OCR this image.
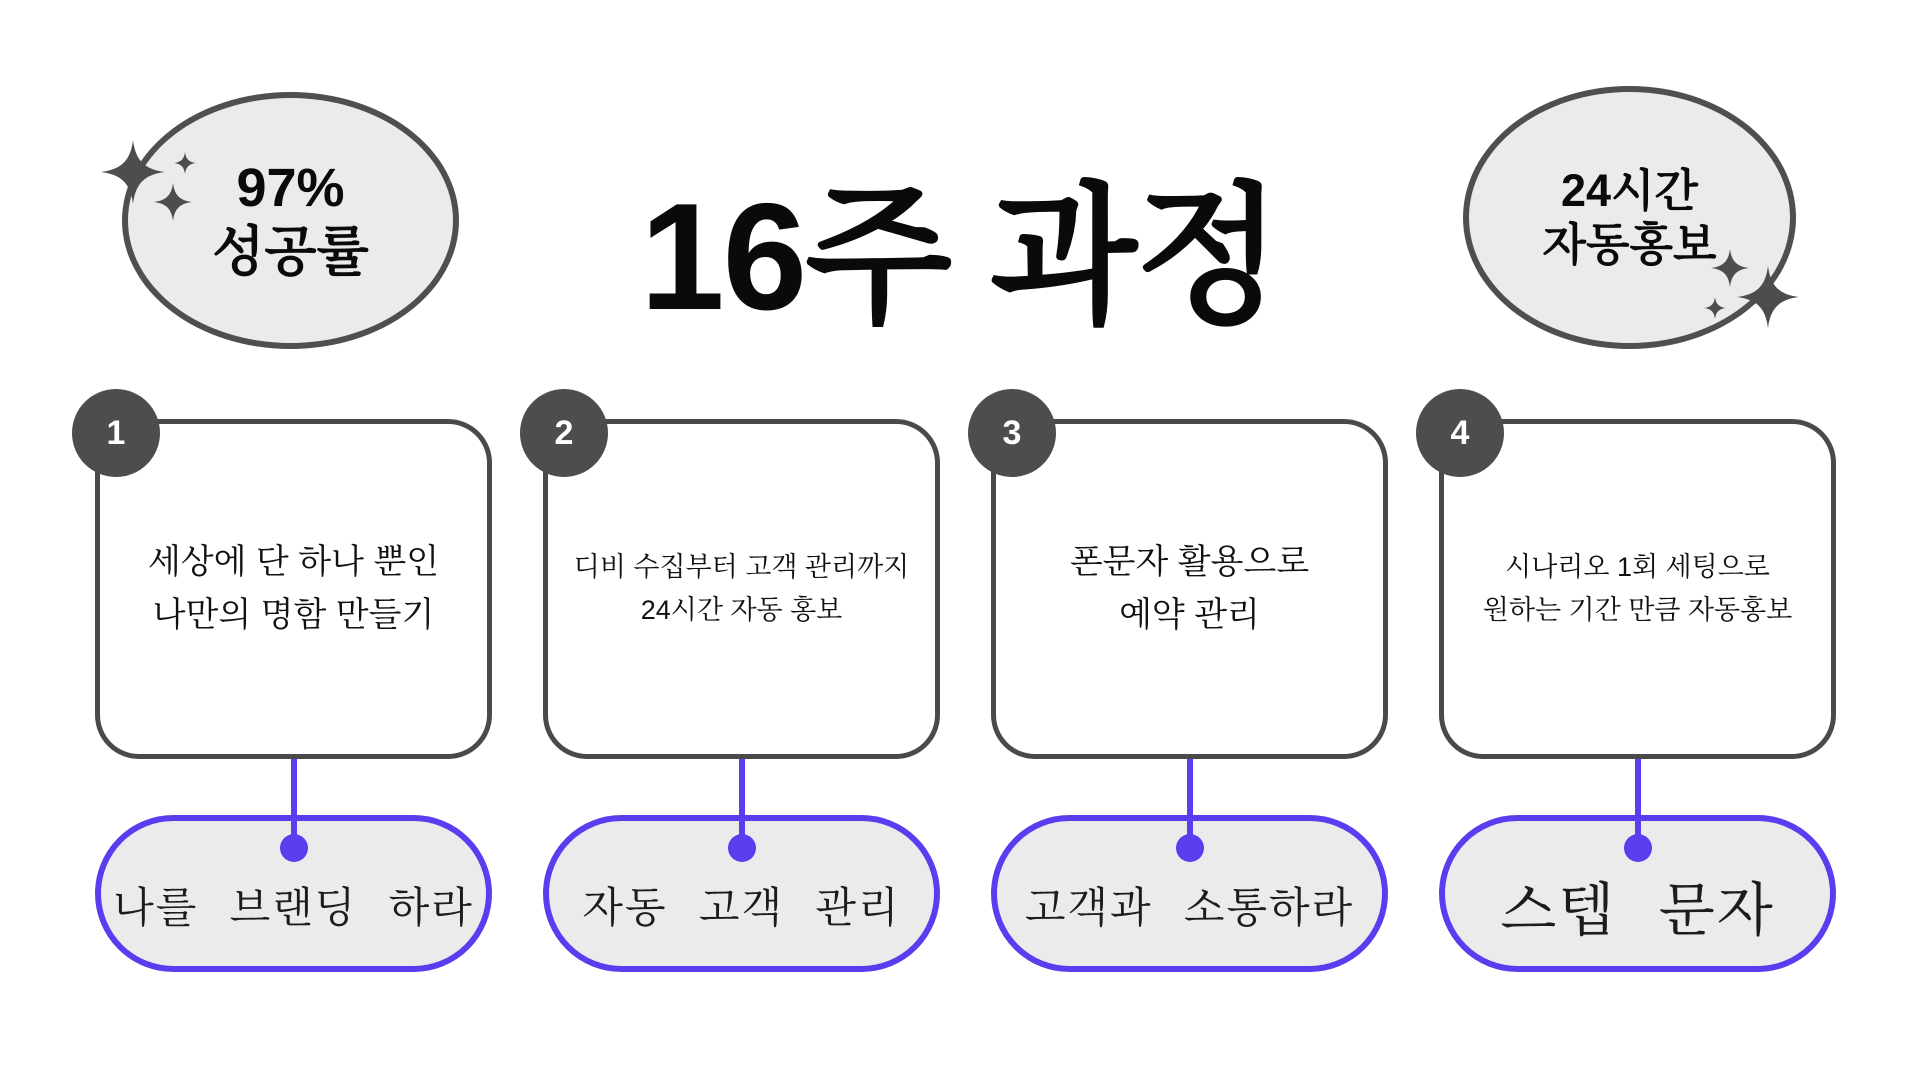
16주 과정
97%
성공률
24시간
자동홍보
1
세상에 단 하나 뿐인
나만의 명함 만들기
나를 브랜딩 하라
2
디비 수집부터 고객 관리까지
24시간 자동 홍보
자동 고객 관리
3
폰문자 활용으로
예약 관리
고객과 소통하라
4
시나리오 1회 세팅으로
원하는 기간 만큼 자동홍보
스텝 문자
